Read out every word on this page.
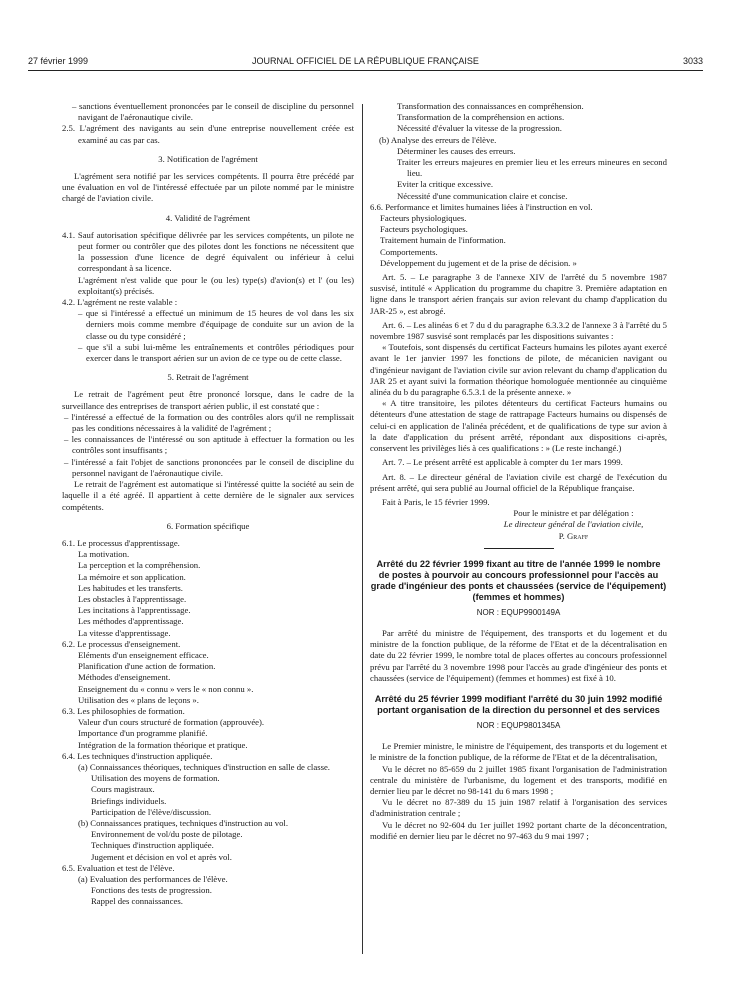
27 février 1999	JOURNAL OFFICIEL DE LA RÉPUBLIQUE FRANÇAISE	3033

– sanctions éventuellement prononcées par le conseil de discipline du personnel navigant de l'aéronautique civile.

2.5. L'agrément des navigants au sein d'une entreprise nouvellement créée est examiné au cas par cas.

3. Notification de l'agrément

L'agrément sera notifié par les services compétents. Il pourra être précédé par une évaluation en vol de l'intéressé effectuée par un pilote nommé par le ministre chargé de l'aviation civile.

4. Validité de l'agrément

4.1. Sauf autorisation spécifique délivrée par les services compétents, un pilote ne peut former ou contrôler que des pilotes dont les fonctions ne nécessitent que la possession d'une licence de degré équivalent ou inférieur à celui correspondant à sa licence.

L'agrément n'est valide que pour le (ou les) type(s) d'avion(s) et l' (ou les) exploitant(s) précisés.

4.2. L'agrément ne reste valable :

– que si l'intéressé a effectué un minimum de 15 heures de vol dans les six derniers mois comme membre d'équipage de conduite sur un avion de la classe ou du type considéré ;

– que s'il a subi lui-même les entraînements et contrôles périodiques pour exercer dans le transport aérien sur un avion de ce type ou de cette classe.

5. Retrait de l'agrément

Le retrait de l'agrément peut être prononcé lorsque, dans le cadre de la surveillance des entreprises de transport aérien public, il est constaté que :

– l'intéressé a effectué de la formation ou des contrôles alors qu'il ne remplissait pas les conditions nécessaires à la validité de l'agrément ;

– les connaissances de l'intéressé ou son aptitude à effectuer la formation ou les contrôles sont insuffisants ;

– l'intéressé a fait l'objet de sanctions prononcées par le conseil de discipline du personnel navigant de l'aéronautique civile.

Le retrait de l'agrément est automatique si l'intéressé quitte la société au sein de laquelle il a été agréé. Il appartient à cette dernière de le signaler aux services compétents.

6. Formation spécifique

6.1. Le processus d'apprentissage.

La motivation.

La perception et la compréhension.

La mémoire et son application.

Les habitudes et les transferts.

Les obstacles à l'apprentissage.

Les incitations à l'apprentissage.

Les méthodes d'apprentissage.

La vitesse d'apprentissage.

6.2. Le processus d'enseignement.

Eléments d'un enseignement efficace.

Planification d'une action de formation.

Méthodes d'enseignement.

Enseignement du « connu » vers le « non connu ».

Utilisation des « plans de leçons ».

6.3. Les philosophies de formation.

Valeur d'un cours structuré de formation (approuvée).

Importance d'un programme planifié.

Intégration de la formation théorique et pratique.

6.4. Les techniques d'instruction appliquée.

(a) Connaissances théoriques, techniques d'instruction en salle de classe.

Utilisation des moyens de formation.

Cours magistraux.

Briefings individuels.

Participation de l'élève/discussion.

(b) Connaissances pratiques, techniques d'instruction au vol.

Environnement de vol/du poste de pilotage.

Techniques d'instruction appliquée.

Jugement et décision en vol et après vol.

6.5. Evaluation et test de l'élève.

(a) Evaluation des performances de l'élève.

Fonctions des tests de progression.

Rappel des connaissances.

Transformation des connaissances en compréhension.

Transformation de la compréhension en actions.

Nécessité d'évaluer la vitesse de la progression.

(b) Analyse des erreurs de l'élève.

Déterminer les causes des erreurs.

Traiter les erreurs majeures en premier lieu et les erreurs mineures en second lieu.

Eviter la critique excessive.

Nécessité d'une communication claire et concise.

6.6. Performance et limites humaines liées à l'instruction en vol.

Facteurs physiologiques.

Facteurs psychologiques.

Traitement humain de l'information.

Comportements.

Développement du jugement et de la prise de décision. »

Art. 5. – Le paragraphe 3 de l'annexe XIV de l'arrêté du 5 novembre 1987 susvisé, intitulé « Application du programme du chapitre 3. Première adaptation en ligne dans le transport aérien français sur avion relevant du champ d'application du JAR-25 », est abrogé.

Art. 6. – Les alinéas 6 et 7 du d du paragraphe 6.3.3.2 de l'annexe 3 à l'arrêté du 5 novembre 1987 susvisé sont remplacés par les dispositions suivantes :

« Toutefois, sont dispensés du certificat Facteurs humains les pilotes ayant exercé avant le 1er janvier 1997 les fonctions de pilote, de mécanicien navigant ou d'ingénieur navigant de l'aviation civile sur avion relevant du champ d'application du JAR 25 et ayant suivi la formation théorique homologuée mentionnée au cinquième alinéa du b du paragraphe 6.5.3.1 de la présente annexe. »

« A titre transitoire, les pilotes détenteurs du certificat Facteurs humains ou détenteurs d'une attestation de stage de rattrapage Facteurs humains ou dispensés de celui-ci en application de l'alinéa précédent, et de qualifications de type sur avion à la date d'application du présent arrêté, répondant aux dispositions ci-après, conservent les privilèges liés à ces qualifications : » (Le reste inchangé.)

Art. 7. – Le présent arrêté est applicable à compter du 1er mars 1999.

Art. 8. – Le directeur général de l'aviation civile est chargé de l'exécution du présent arrêté, qui sera publié au Journal officiel de la République française.

Fait à Paris, le 15 février 1999.

Pour le ministre et par délégation :

Le directeur général de l'aviation civile,

P. Graff

Arrêté du 22 février 1999 fixant au titre de l'année 1999 le nombre de postes à pourvoir au concours professionnel pour l'accès au grade d'ingénieur des ponts et chaussées (service de l'équipement) (femmes et hommes)

NOR : EQUP9900149A

Par arrêté du ministre de l'équipement, des transports et du logement et du ministre de la fonction publique, de la réforme de l'Etat et de la décentralisation en date du 22 février 1999, le nombre total de places offertes au concours professionnel prévu par l'arrêté du 3 novembre 1998 pour l'accès au grade d'ingénieur des ponts et chaussées (service de l'équipement) (femmes et hommes) est fixé à 10.

Arrêté du 25 février 1999 modifiant l'arrêté du 30 juin 1992 modifié portant organisation de la direction du personnel et des services

NOR : EQUP9801345A

Le Premier ministre, le ministre de l'équipement, des transports et du logement et le ministre de la fonction publique, de la réforme de l'Etat et de la décentralisation,

Vu le décret no 85-659 du 2 juillet 1985 fixant l'organisation de l'administration centrale du ministère de l'urbanisme, du logement et des transports, modifié en dernier lieu par le décret no 98-141 du 6 mars 1998 ;

Vu le décret no 87-389 du 15 juin 1987 relatif à l'organisation des services d'administration centrale ;

Vu le décret no 92-604 du 1er juillet 1992 portant charte de la déconcentration, modifié en dernier lieu par le décret no 97-463 du 9 mai 1997 ;
